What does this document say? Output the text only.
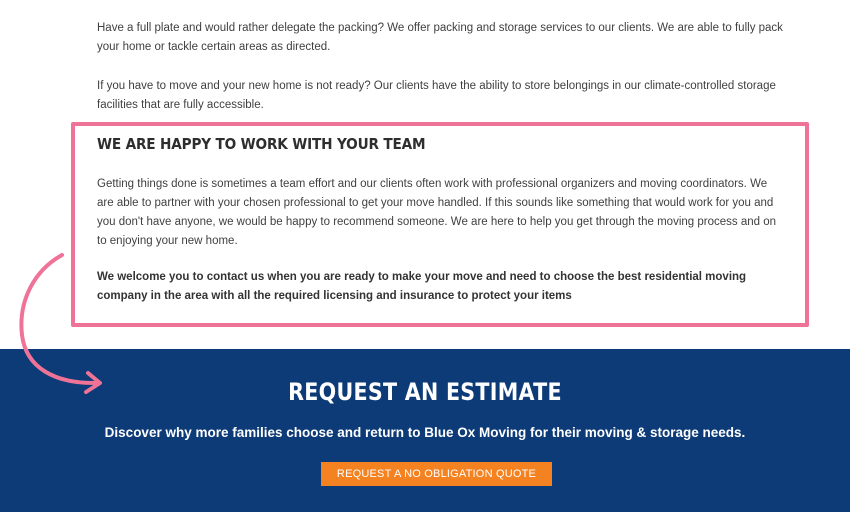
Have a full plate and would rather delegate the packing? We offer packing and storage services to our clients. We are able to fully pack your home or tackle certain areas as directed.

If you have to move and your new home is not ready? Our clients have the ability to store belongings in our climate-controlled storage facilities that are fully accessible.

WE ARE HAPPY TO WORK WITH YOUR TEAM

Getting things done is sometimes a team effort and our clients often work with professional organizers and moving coordinators. We are able to partner with your chosen professional to get your move handled. If this sounds like something that would work for you and you don't have anyone, we would be happy to recommend someone. We are here to help you get through the moving process and on to enjoying your new home.

We welcome you to contact us when you are ready to make your move and need to choose the best residential moving company in the area with all the required licensing and insurance to protect your items

REQUEST AN ESTIMATE

Discover why more families choose and return to Blue Ox Moving for their moving & storage needs.

REQUEST A NO OBLIGATION QUOTE
